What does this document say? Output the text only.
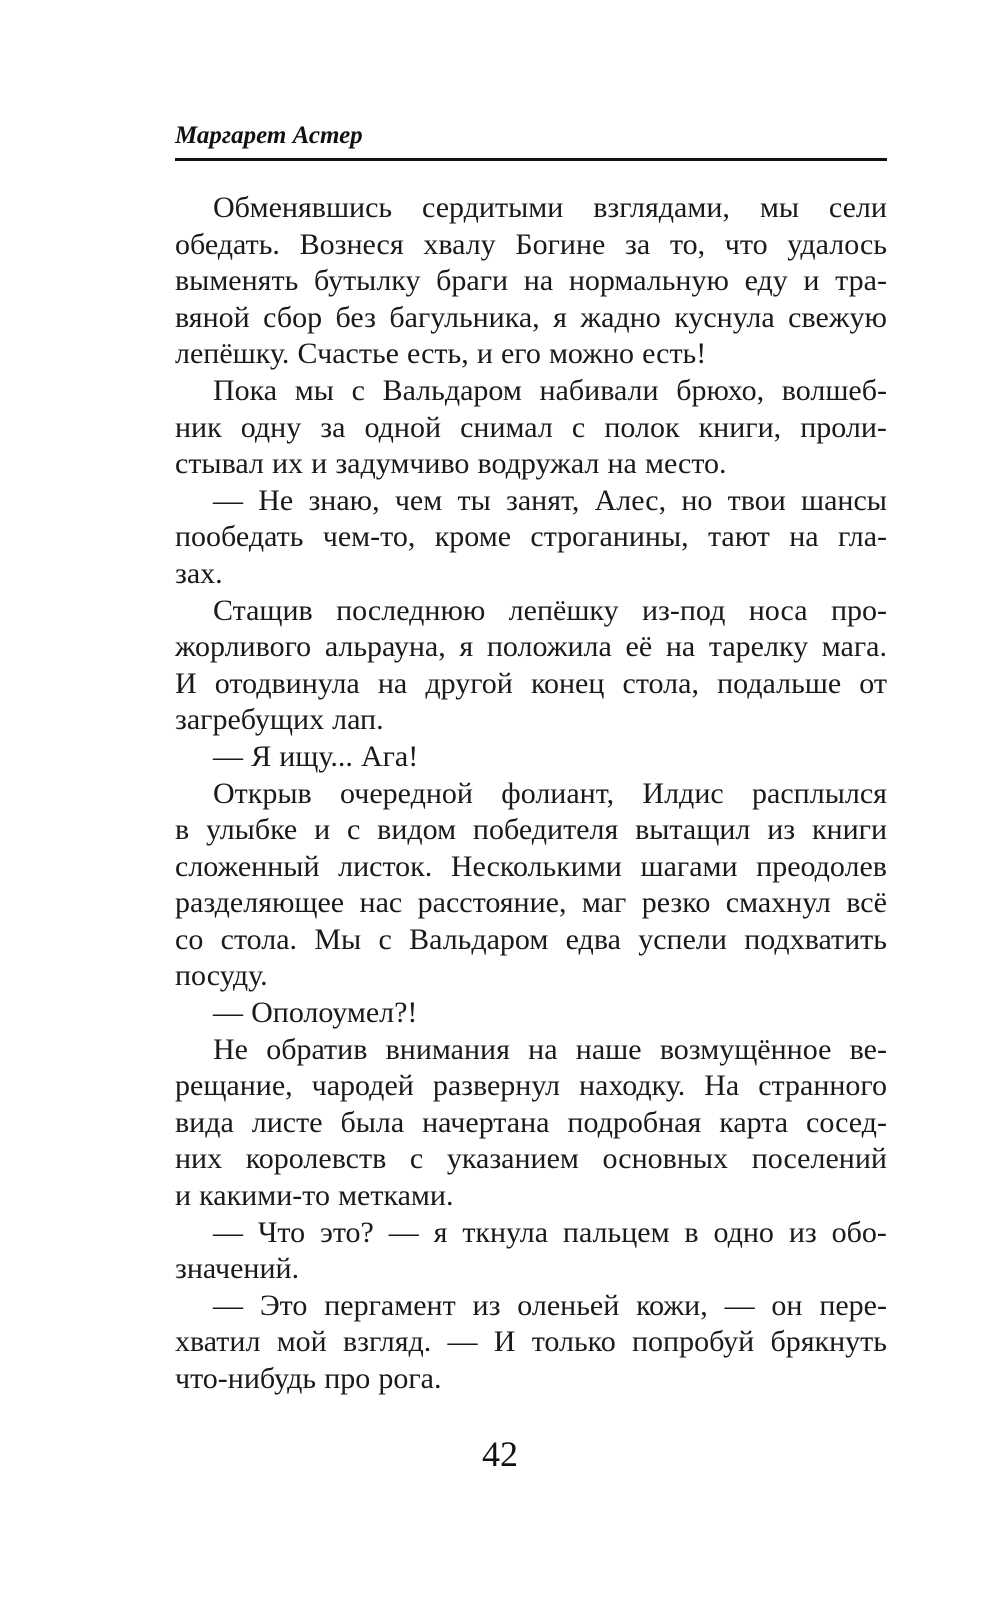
Маргарет Астер
Обменявшись сердитыми взглядами, мы сели
обедать. Вознеся хвалу Богине за то, что удалось
выменять бутылку браги на нормальную еду и тра-
вяной сбор без багульника, я жадно куснула свежую
лепёшку. Счастье есть, и его можно есть!
Пока мы с Вальдаром набивали брюхо, волшеб-
ник одну за одной снимал с полок книги, проли-
стывал их и задумчиво водружал на место.
— Не знаю, чем ты занят, Алес, но твои шансы
пообедать чем-то, кроме строганины, тают на гла-
зах.
Стащив последнюю лепёшку из-под носа про-
жорливого альрауна, я положила её на тарелку мага.
И отодвинула на другой конец стола, подальше от
загребущих лап.
— Я ищу... Ага!
Открыв очередной фолиант, Илдис расплылся
в улыбке и с видом победителя вытащил из книги
сложенный листок. Несколькими шагами преодолев
разделяющее нас расстояние, маг резко смахнул всё
со стола. Мы с Вальдаром едва успели подхватить
посуду.
— Ополоумел?!
Не обратив внимания на наше возмущённое ве-
рещание, чародей развернул находку. На странного
вида листе была начертана подробная карта сосед-
них королевств с указанием основных поселений
и какими-то метками.
— Что это? — я ткнула пальцем в одно из обо-
значений.
— Это пергамент из оленьей кожи, — он пере-
хватил мой взгляд. — И только попробуй брякнуть
что-нибудь про рога.
42
